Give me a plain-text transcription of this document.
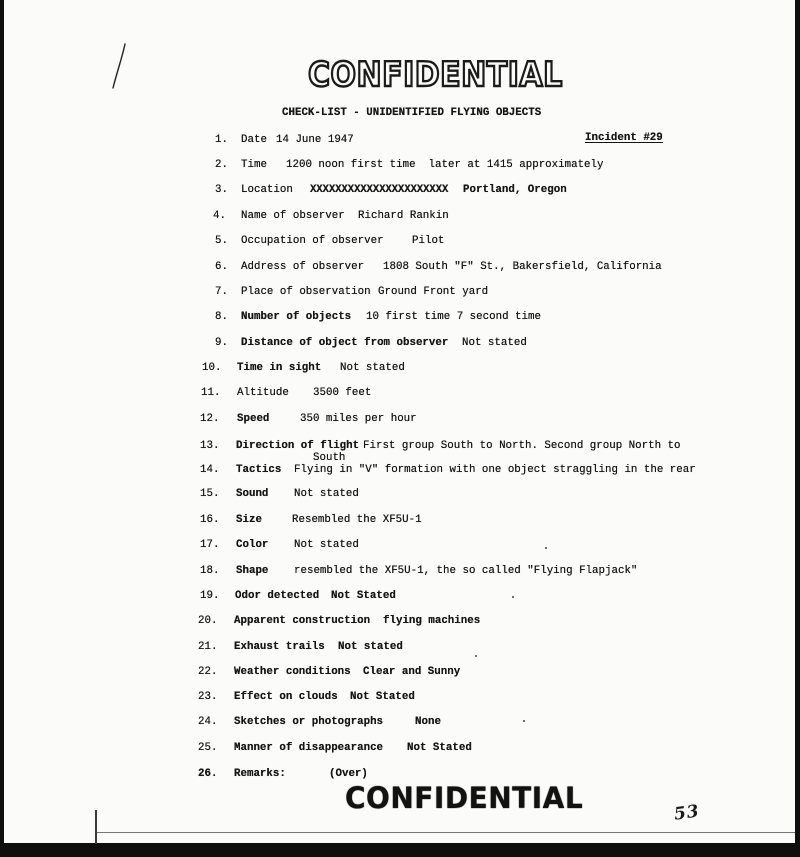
CONFIDENTIAL
CHECK-LIST - UNIDENTIFIED FLYING OBJECTS
Incident #29
1. Date 14 June 1947
2. Time 1200 noon first time  later at 1415 approximately
3. Location XXXXXXXXXXXXXXXXXXXXXX Portland, Oregon
4. Name of observer Richard Rankin
5. Occupation of observer	Pilot
6. Address of observer 1808 South "F" St., Bakersfield, California
7. Place of observation Ground Front yard
8. Number of objects 10 first time 7 second time
9. Distance of object from observer Not stated
10. Time in sight Not stated
11. Altitude 3500 feet
12. Speed	350 miles per hour
13. Direction of flight First group South to North. Second group North to
South
14. Tactics Flying in "V" formation with one object straggling in the rear
15. Sound Not stated
16. Size	Resembled the XF5U-1
17. Color Not stated
18. Shape resembled the XF5U-1, the so called "Flying Flapjack"
19. Odor detected Not Stated
20. Apparent construction flying machines
21. Exhaust trails Not stated
22. Weather conditions Clear and Sunny
23. Effect on clouds Not Stated
24. Sketches or photographs	None
25. Manner of disappearance Not Stated
26. Remarks:	(Over)
CONFIDENTIAL	53
